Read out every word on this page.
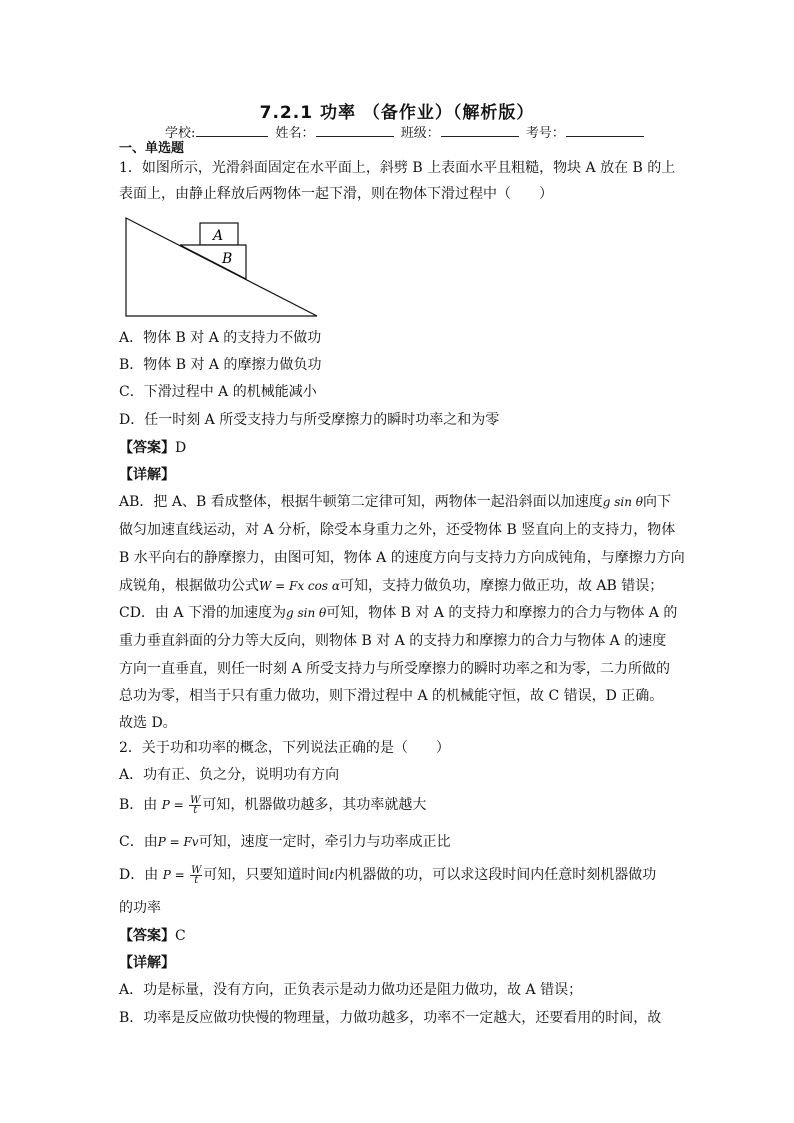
7.2.1 功率 （备作业）（解析版）
学校:	姓名：	班级：	考号：
一、单选题
1．如图所示，光滑斜面固定在水平面上，斜劈 B 上表面水平且粗糙，物块 A 放在 B 的上
表面上，由静止释放后两物体一起下滑，则在物体下滑过程中（　　）
A
B
A．物体 B 对 A 的支持力不做功
B．物体 B 对 A 的摩擦力做负功
C．下滑过程中 A 的机械能减小
D．任一时刻 A 所受支持力与所受摩擦力的瞬时功率之和为零
【答案】D
【详解】
AB．把 A、B 看成整体，根据牛顿第二定律可知，两物体一起沿斜面以加速度g sin θ向下
做匀加速直线运动，对 A 分析，除受本身重力之外，还受物体 B 竖直向上的支持力，物体
B 水平向右的静摩擦力，由图可知，物体 A 的速度方向与支持力方向成钝角，与摩擦力方向
成锐角，根据做功公式W = Fx cos α可知，支持力做负功，摩擦力做正功，故 AB 错误；
CD．由 A 下滑的加速度为g sin θ可知，物体 B 对 A 的支持力和摩擦力的合力与物体 A 的
重力垂直斜面的分力等大反向，则物体 B 对 A 的支持力和摩擦力的合力与物体 A 的速度
方向一直垂直，则任一时刻 A 所受支持力与所受摩擦力的瞬时功率之和为零，二力所做的
总功为零，相当于只有重力做功，则下滑过程中 A 的机械能守恒，故 C 错误，D 正确。
故选 D。
2．关于功和功率的概念，下列说法正确的是（　　）
A．功有正、负之分，说明功有方向
B．由 $P = \frac{W}{t}$ 可知，机器做功越多，其功率就越大
C．由P = Fv可知，速度一定时，牵引力与功率成正比
D．由 $P = \frac{W}{t}$ 可知，只要知道时间t内机器做的功，可以求这段时间内任意时刻机器做功
的功率
【答案】C
【详解】
A．功是标量，没有方向，正负表示是动力做功还是阻力做功，故 A 错误；
B．功率是反应做功快慢的物理量，力做功越多，功率不一定越大，还要看用的时间，故
